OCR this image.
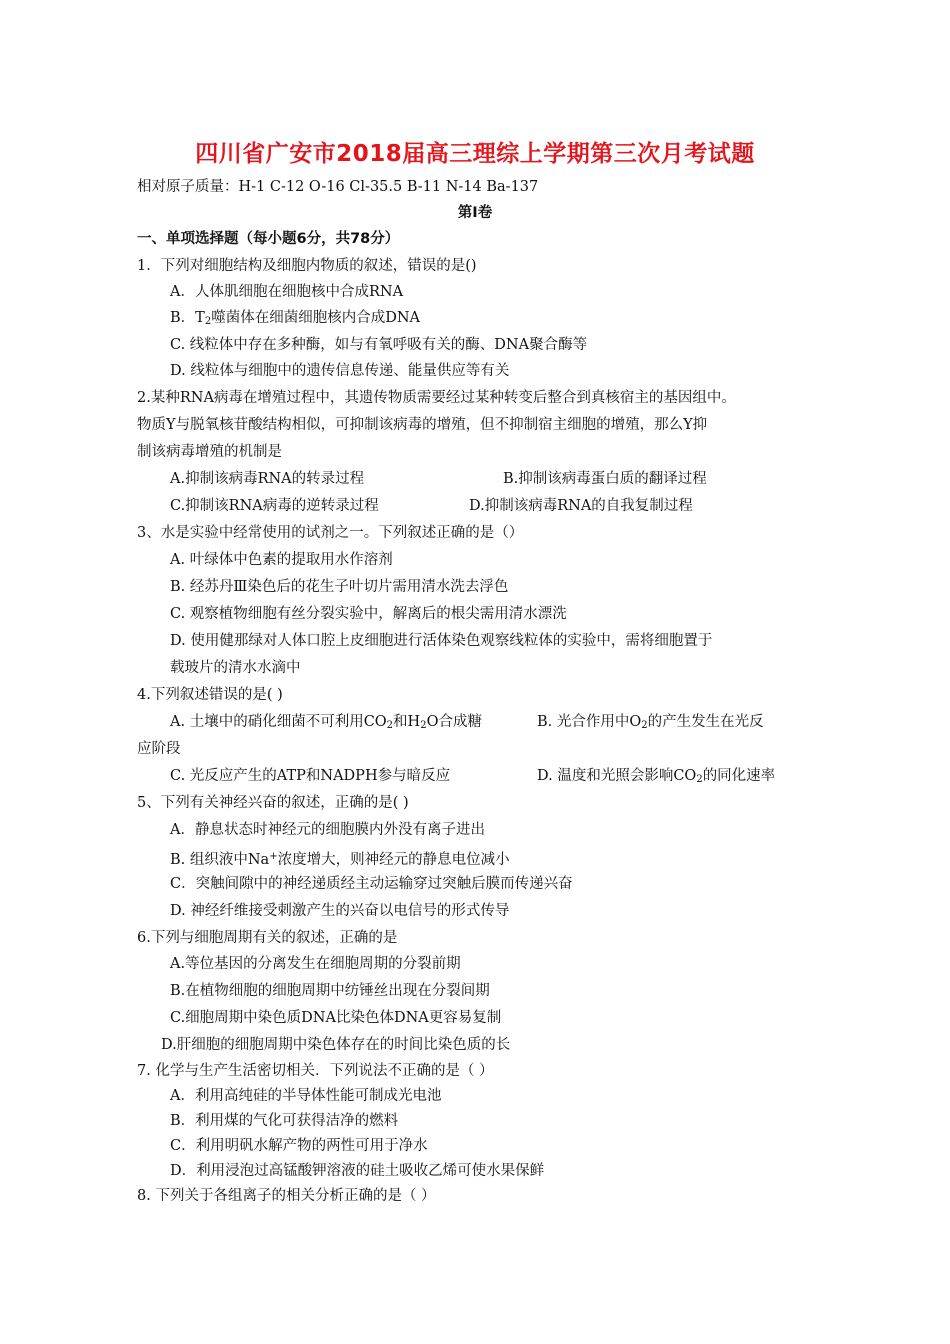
四川省广安市2018届高三理综上学期第三次月考试题
相对原子质量：H-1 C-12 O-16 Cl-35.5 B-11 N-14 Ba-137
第Ⅰ卷
一、单项选择题（每小题6分，共78分）
1．下列对细胞结构及细胞内物质的叙述，错误的是()
A．人体肌细胞在细胞核中合成RNA
B．$T_2$噬菌体在细菌细胞核内合成DNA
C. 线粒体中存在多种酶，如与有氧呼吸有关的酶、DNA聚合酶等
D. 线粒体与细胞中的遗传信息传递、能量供应等有关
2.某种RNA病毒在增殖过程中，其遗传物质需要经过某种转变后整合到真核宿主的基因组中。
物质Y与脱氧核苷酸结构相似，可抑制该病毒的增殖，但不抑制宿主细胞的增殖，那么Y抑
制该病毒增殖的机制是
A.抑制该病毒RNA的转录过程	B.抑制该病毒蛋白质的翻译过程
C.抑制该RNA病毒的逆转录过程	D.抑制该病毒RNA的自我复制过程
3、水是实验中经常使用的试剂之一。下列叙述正确的是（）
A. 叶绿体中色素的提取用水作溶剂
B. 经苏丹Ⅲ染色后的花生子叶切片需用清水洗去浮色
C. 观察植物细胞有丝分裂实验中，解离后的根尖需用清水漂洗
D. 使用健那绿对人体口腔上皮细胞进行活体染色观察线粒体的实验中，需将细胞置于
载玻片的清水水滴中
4.下列叙述错误的是( )
A. 土壤中的硝化细菌不可利用$CO_2$和$H_2O$合成糖	B. 光合作用中$O_2$的产生发生在光反
应阶段
C. 光反应产生的ATP和NADPH参与暗反应	D. 温度和光照会影响$CO_2$的同化速率
5、下列有关神经兴奋的叙述，正确的是( )
A．静息状态时神经元的细胞膜内外没有离子进出
B. 组织液中Na+浓度增大，则神经元的静息电位减小
C．突触间隙中的神经递质经主动运输穿过突触后膜而传递兴奋
D. 神经纤维接受刺激产生的兴奋以电信号的形式传导
6.下列与细胞周期有关的叙述，正确的是
A.等位基因的分离发生在细胞周期的分裂前期
B.在植物细胞的细胞周期中纺锤丝出现在分裂间期
C.细胞周期中染色质DNA比染色体DNA更容易复制
D.肝细胞的细胞周期中染色体存在的时间比染色质的长
7. 化学与生产生活密切相关．下列说法不正确的是（ ）
A．利用高纯硅的半导体性能可制成光电池
B．利用煤的气化可获得洁净的燃料
C．利用明矾水解产物的两性可用于净水
D．利用浸泡过高锰酸钾溶液的硅土吸收乙烯可使水果保鲜
8. 下列关于各组离子的相关分析正确的是（ ）
